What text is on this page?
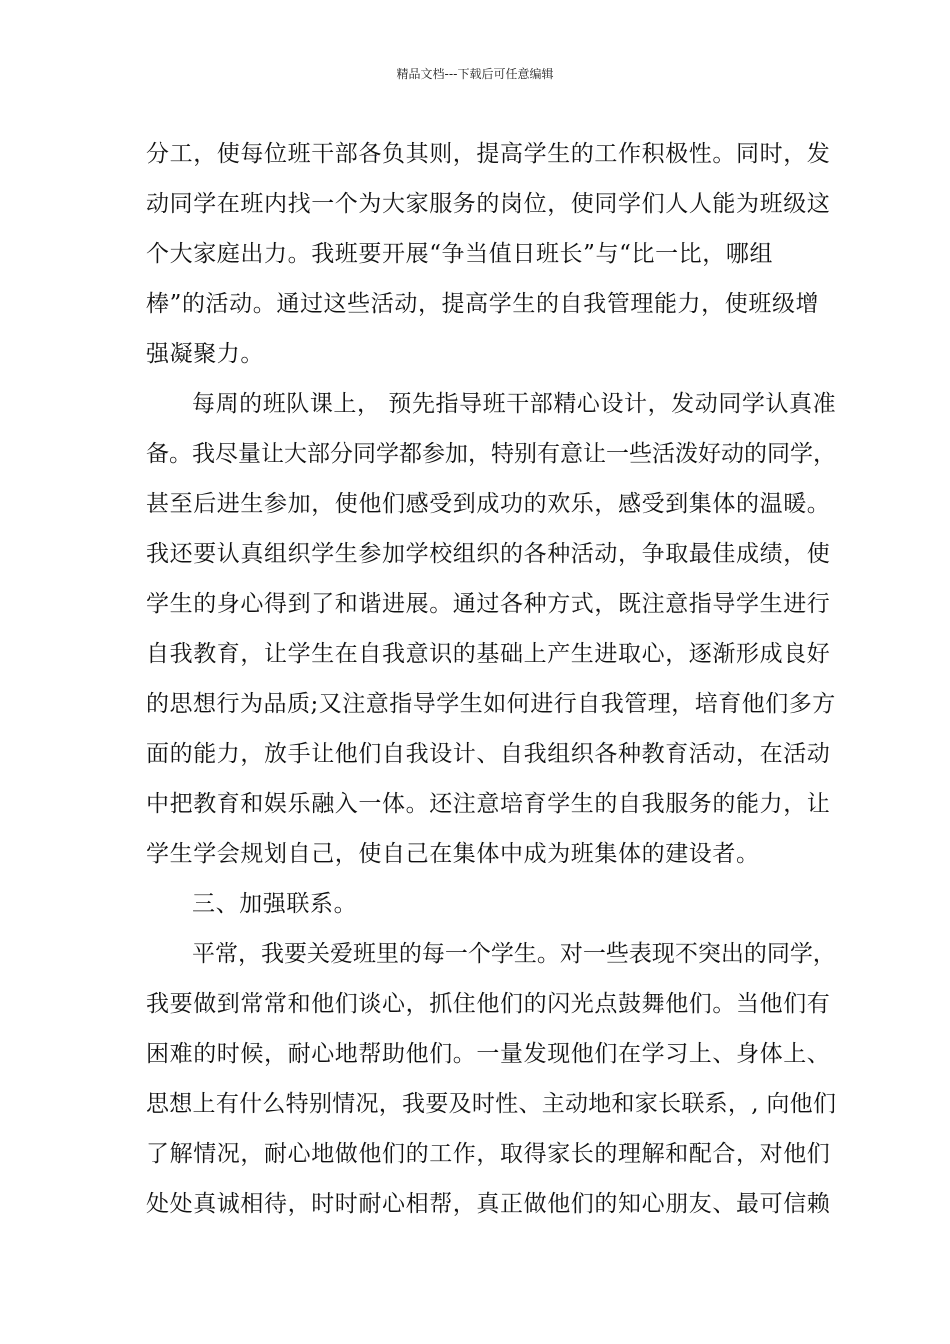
精品文档---下载后可任意编辑
分工，使每位班干部各负其则，提高学生的工作积极性。同时，发
动同学在班内找一个为大家服务的岗位，使同学们人人能为班级这
个大家庭出力。我班要开展“争当值日班长”与“比一比，哪组
棒”的活动。通过这些活动，提高学生的自我管理能力，使班级增
强凝聚力。
每周的班队课上， 预先指导班干部精心设计，发动同学认真准
备。我尽量让大部分同学都参加，特别有意让一些活泼好动的同学，
甚至后进生参加，使他们感受到成功的欢乐，感受到集体的温暖。
我还要认真组织学生参加学校组织的各种活动，争取最佳成绩，使
学生的身心得到了和谐进展。通过各种方式，既注意指导学生进行
自我教育，让学生在自我意识的基础上产生进取心，逐渐形成良好
的思想行为品质;又注意指导学生如何进行自我管理，培育他们多方
面的能力，放手让他们自我设计、自我组织各种教育活动，在活动
中把教育和娱乐融入一体。还注意培育学生的自我服务的能力，让
学生学会规划自己，使自己在集体中成为班集体的建设者。
三、加强联系。
平常，我要关爱班里的每一个学生。对一些表现不突出的同学，
我要做到常常和他们谈心，抓住他们的闪光点鼓舞他们。当他们有
困难的时候，耐心地帮助他们。一量发现他们在学习上、身体上、
思想上有什么特别情况，我要及时性、主动地和家长联系，, 向他们
了解情况，耐心地做他们的工作，取得家长的理解和配合，对他们
处处真诚相待，时时耐心相帮，真正做他们的知心朋友、最可信赖
